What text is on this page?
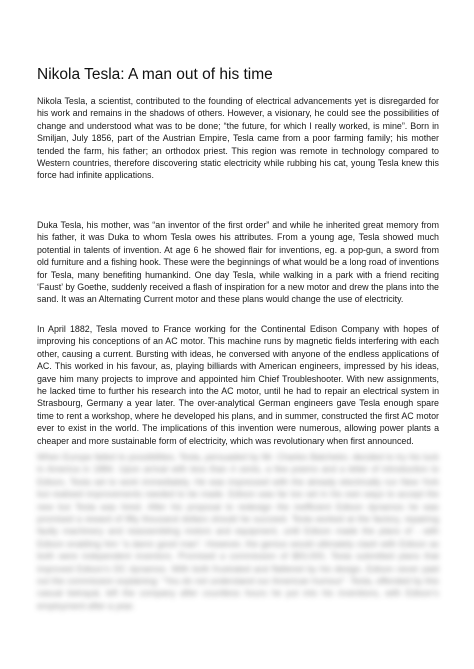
Nikola Tesla: A man out of his time

Nikola Tesla, a scientist, contributed to the founding of electrical advancements yet is disregarded for his work and remains in the shadows of others. However, a visionary, he could see the possibilities of change and understood what was to be done; “the future, for which I really worked, is mine”. Born in Smiljan, July 1856, part of the Austrian Empire, Tesla came from a poor farming family; his mother tended the farm, his father; an orthodox priest. This region was remote in technology compared to Western countries, therefore discovering static electricity while rubbing his cat, young Tesla knew this force had infinite applications.

Duka Tesla, his mother, was “an inventor of the first order” and while he inherited great memory from his father, it was Duka to whom Tesla owes his attributes. From a young age, Tesla showed much potential in talents of invention. At age 6 he showed flair for inventions, eg. a pop-gun, a sword from old furniture and a fishing hook. These were the beginnings of what would be a long road of inventions for Tesla, many benefiting humankind. One day Tesla, while walking in a park with a friend reciting ‘Faust’ by Goethe, suddenly received a flash of inspiration for a new motor and drew the plans into the sand. It was an Alternating Current motor and these plans would change the use of electricity.

In April 1882, Tesla moved to France working for the Continental Edison Company with hopes of improving his conceptions of an AC motor. This machine runs by magnetic fields interfering with each other, causing a current. Bursting with ideas, he conversed with anyone of the endless applications of AC. This worked in his favour, as, playing billiards with American engineers, impressed by his ideas, gave him many projects to improve and appointed him Chief Troubleshooter. With new assignments, he lacked time to further his research into the AC motor, until he had to repair an electrical system in Strasbourg, Germany a year later. The over-analytical German engineers gave Tesla enough spare time to rent a workshop, where he developed his plans, and in summer, constructed the first AC motor ever to exist in the world. The implications of this invention were numerous, allowing power plants a cheaper and more sustainable form of electricity, which was revolutionary when first announced.

When Europe failed to possibilities, Tesla, persuaded by Mr. Charles Batchelor, decided to try his luck in America in 1884. Upon arrival with less than 4 cents, a few poems and a letter of introduction to Edison, Tesla set to work immediately. He was impressed with the already electrically run New York but realised improvements needed to be made. Edison was far too set in his own ways to accept the new but Tesla was hired. After his proposal to redesign the inefficient Edison dynamos he was promised a reward of fifty thousand dollars should he succeed. Tesla worked at the factory, repairing faulty machinery and reassembling motors and equipment, until Edison made the plans of ; with Edison enabling him “a damn good man”. However, the genius would ultimately clash with Edison as both were independent inventors. Promised a commission of $50,000, Tesla submitted plans that improved Edison’s DC dynamos. With both frustrated and flattered by his design, Edison never paid out the commission explaining: “You do not understand our American humour”. Tesla, offended by this casual betrayal, left the company after countless hours he put into his inventions, with Edison’s employment after a year.
